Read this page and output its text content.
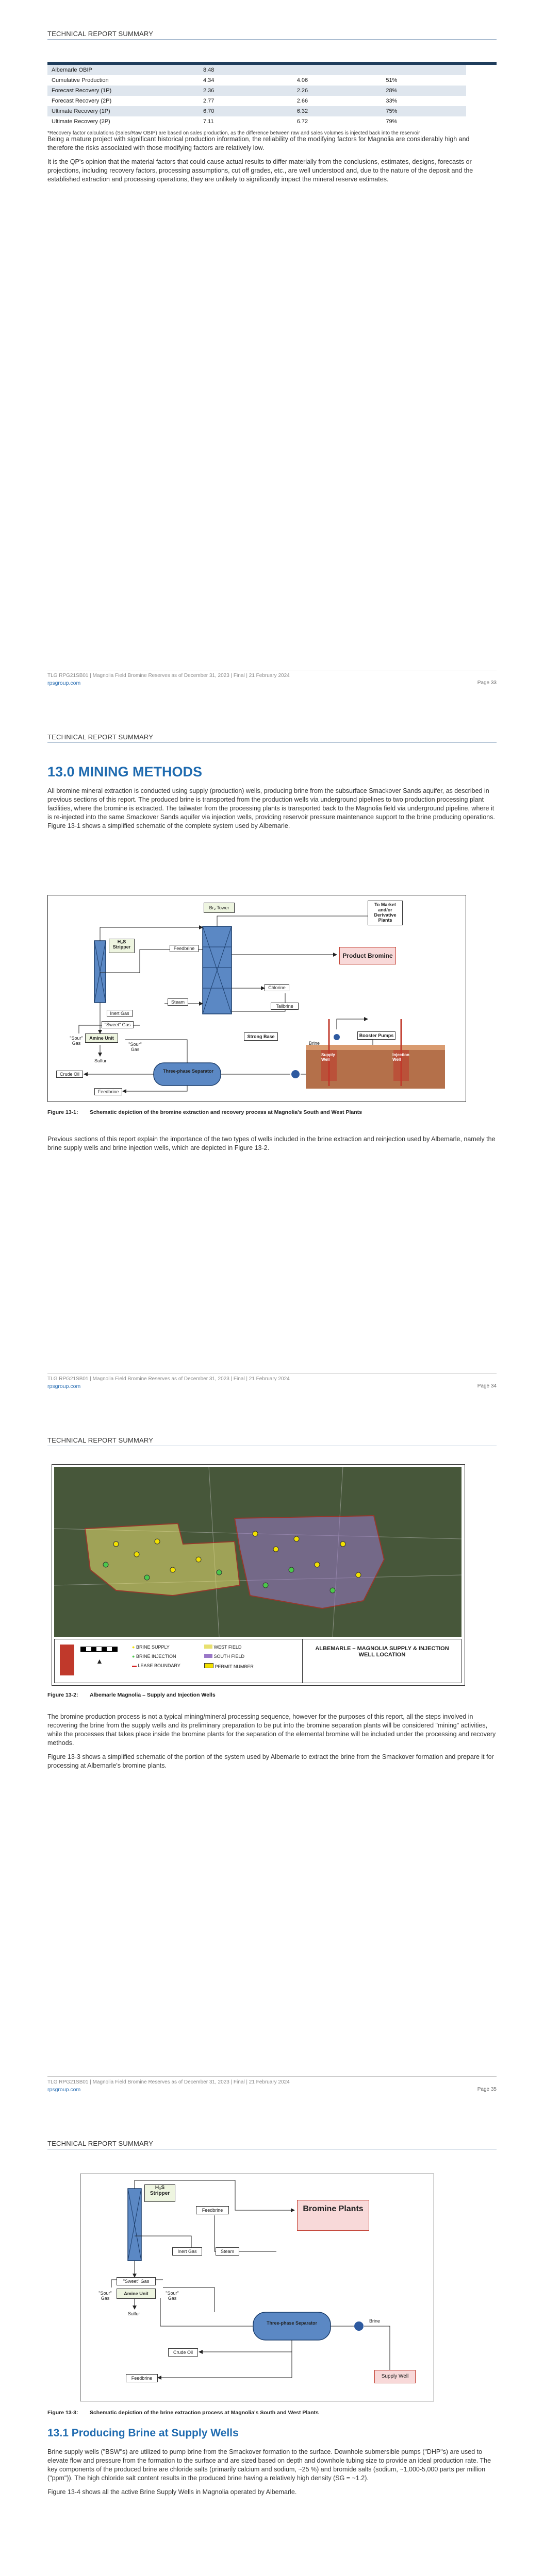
TECHNICAL REPORT SUMMARY
Albemarle OBIP	8.48		
Cumulative Production	4.34	4.06	51%
Forecast Recovery (1P)	2.36	2.26	28%
Forecast Recovery (2P)	2.77	2.66	33%
Ultimate Recovery (1P)	6.70	6.32	75%
Ultimate Recovery (2P)	7.11	6.72	79%
*Recovery factor calculations (Sales/Raw OBIP) are based on sales production, as the difference between raw and sales volumes is injected back into the reservoir

Being a mature project with significant historical production information, the reliability of the modifying factors for Magnolia are considerably high and therefore the risks associated with those modifying factors are relatively low.

It is the QP's opinion that the material factors that could cause actual results to differ materially from the conclusions, estimates, designs, forecasts or projections, including recovery factors, processing assumptions, cut off grades, etc., are well understood and, due to the nature of the deposit and the established extraction and processing operations, they are unlikely to significantly impact the mineral reserve estimates.

TLG RPG21SB01 | Magnolia Field Bromine Reserves as of December 31, 2023 | Final | 21 February 2024
rpsgroup.com	Page 33
TECHNICAL REPORT SUMMARY
13.0 MINING METHODS

All bromine mineral extraction is conducted using supply (production) wells, producing brine from the subsurface Smackover Sands aquifer, as described in previous sections of this report. The produced brine is transported from the production wells via underground pipelines to two production processing plant facilities, where the bromine is extracted. The tailwater from the processing plants is transported back to the Magnolia field via underground pipeline, where it is re-injected into the same Smackover Sands aquifer via injection wells, providing reservoir pressure maintenance support to the brine producing operations. Figure 13-1 shows a simplified schematic of the complete system used by Albemarle.

Br₂ Tower
To Market and/or Derivative Plants
Product Bromine
H₂S Stripper	Feedbrine
Steam
Chlorine
Inert Gas
"Sweet" Gas
Amine Unit
"Sour" Gas	"Sour" Gas
Sulfur
Tailbrine
Strong Base	Booster Pumps
Brine
Three-phase Separator
Crude Oil
Feedbrine
Supply Well
Injection Well
Figure 13-1: Schematic depiction of the bromine extraction and recovery process at Magnolia's South and West Plants

Previous sections of this report explain the importance of the two types of wells included in the brine extraction and reinjection used by Albemarle, namely the brine supply wells and brine injection wells, which are depicted in Figure 13-2.

TLG RPG21SB01 | Magnolia Field Bromine Reserves as of December 31, 2023 | Final | 21 February 2024
rpsgroup.com	Page 34
TECHNICAL REPORT SUMMARY
▲
● BRINE SUPPLY
● BRINE INJECTION
▬ LEASE BOUNDARY
WEST FIELD
SOUTH FIELD
PERMIT NUMBER
ALBEMARLE – MAGNOLIA SUPPLY & INJECTION WELL LOCATION
Figure 13-2: Albemarle Magnolia – Supply and Injection Wells

The bromine production process is not a typical mining/mineral processing sequence, however for the purposes of this report, all the steps involved in recovering the brine from the supply wells and its preliminary preparation to be put into the bromine separation plants will be considered "mining" activities, while the processes that takes place inside the bromine plants for the separation of the elemental bromine will be included under the processing and recovery methods.

Figure 13-3 shows a simplified schematic of the portion of the system used by Albemarle to extract the brine from the Smackover formation and prepare it for processing at Albemarle's bromine plants.

TLG RPG21SB01 | Magnolia Field Bromine Reserves as of December 31, 2023 | Final | 21 February 2024
rpsgroup.com	Page 35
TECHNICAL REPORT SUMMARY
H₂S Stripper
Feedbrine	Bromine Plants
Inert Gas	Steam
"Sweet" Gas
Amine Unit
"Sour" Gas
"Sour" Gas
Sulfur
Three-phase Separator	Brine
Crude Oil
Feedbrine	Supply Well
Figure 13-3: Schematic depiction of the brine extraction process at Magnolia's South and West Plants
13.1 Producing Brine at Supply Wells

Brine supply wells ("BSW"s) are utilized to pump brine from the Smackover formation to the surface. Downhole submersible pumps ("DHP"s) are used to elevate flow and pressure from the formation to the surface and are sized based on depth and downhole tubing size to provide an ideal production rate. The key components of the produced brine are chloride salts (primarily calcium and sodium, ~25 %) and bromide salts (sodium, ~1,000-5,000 parts per million ("ppm")). The high chloride salt content results in the produced brine having a relatively high density (SG = ~1.2).

Figure 13-4 shows all the active Brine Supply Wells in Magnolia operated by Albemarle.
